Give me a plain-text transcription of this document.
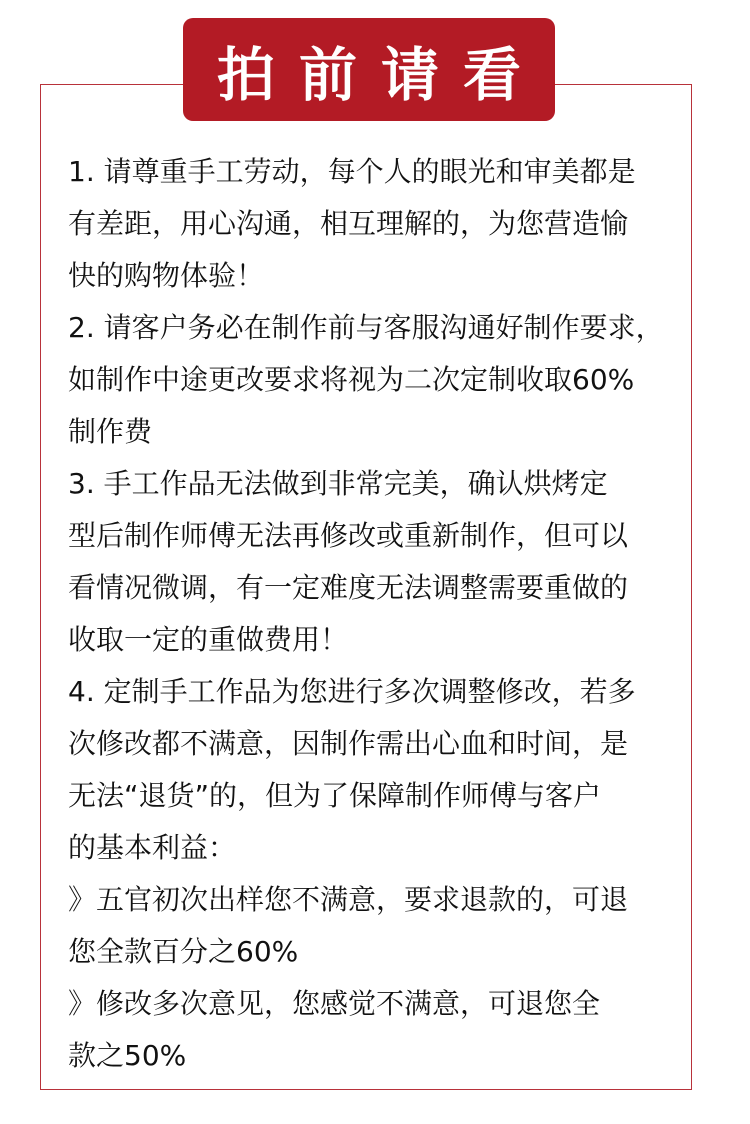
拍前请看
1. 请尊重手工劳动，每个人的眼光和审美都是
有差距，用心沟通，相互理解的，为您营造愉
快的购物体验！
2. 请客户务必在制作前与客服沟通好制作要求，
如制作中途更改要求将视为二次定制收取60%
制作费
3. 手工作品无法做到非常完美，确认烘烤定
型后制作师傅无法再修改或重新制作，但可以
看情况微调，有一定难度无法调整需要重做的
收取一定的重做费用！
4. 定制手工作品为您进行多次调整修改，若多
次修改都不满意，因制作需出心血和时间，是
无法“退货”的，但为了保障制作师傅与客户
的基本利益：
》五官初次出样您不满意，要求退款的，可退
您全款百分之60%
》修改多次意见，您感觉不满意，可退您全
款之50%
